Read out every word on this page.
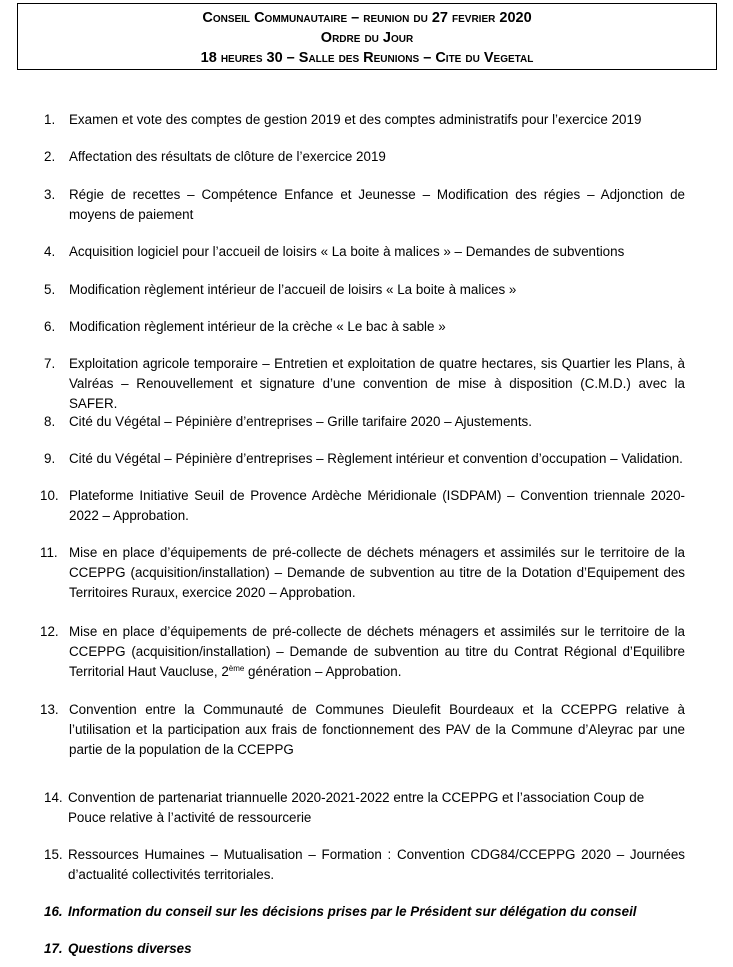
Conseil Communautaire – reunion du 27 fevrier 2020
Ordre du Jour
18 heures 30 – Salle des Reunions – Cite du Vegetal
1. Examen et vote des comptes de gestion 2019 et des comptes administratifs pour l’exercice 2019
2. Affectation des résultats de clôture de l’exercice 2019
3. Régie de recettes – Compétence Enfance et Jeunesse – Modification des régies – Adjonction de moyens de paiement
4. Acquisition logiciel pour l’accueil de loisirs « La boite à malices » – Demandes de subventions
5. Modification règlement intérieur de l’accueil de loisirs « La boite à malices »
6. Modification règlement intérieur de la crèche « Le bac à sable »
7. Exploitation agricole temporaire – Entretien et exploitation de quatre hectares, sis Quartier les Plans, à Valréas – Renouvellement et signature d’une convention de mise à disposition (C.M.D.) avec la SAFER.
8. Cité du Végétal – Pépinière d’entreprises – Grille tarifaire 2020 – Ajustements.
9. Cité du Végétal – Pépinière d’entreprises – Règlement intérieur et convention d’occupation – Validation.
10. Plateforme Initiative Seuil de Provence Ardèche Méridionale (ISDPAM) – Convention triennale 2020-2022 – Approbation.
11. Mise en place d’équipements de pré-collecte de déchets ménagers et assimilés sur le territoire de la CCEPPG (acquisition/installation) – Demande de subvention au titre de la Dotation d’Equipement des Territoires Ruraux, exercice 2020 – Approbation.
12. Mise en place d’équipements de pré-collecte de déchets ménagers et assimilés sur le territoire de la CCEPPG (acquisition/installation) – Demande de subvention au titre du Contrat Régional d’Equilibre Territorial Haut Vaucluse, 2ème génération – Approbation.
13. Convention entre la Communauté de Communes Dieulefit Bourdeaux et la CCEPPG relative à l’utilisation et la participation aux frais de fonctionnement des PAV de la Commune d’Aleyrac par une partie de la population de la CCEPPG
14. Convention de partenariat triannuelle 2020-2021-2022 entre la CCEPPG et l’association Coup de Pouce relative à l’activité de ressourcerie
15. Ressources Humaines – Mutualisation – Formation : Convention CDG84/CCEPPG 2020 – Journées d’actualité collectivités territoriales.
16. Information du conseil sur les décisions prises par le Président sur délégation du conseil
17. Questions diverses
